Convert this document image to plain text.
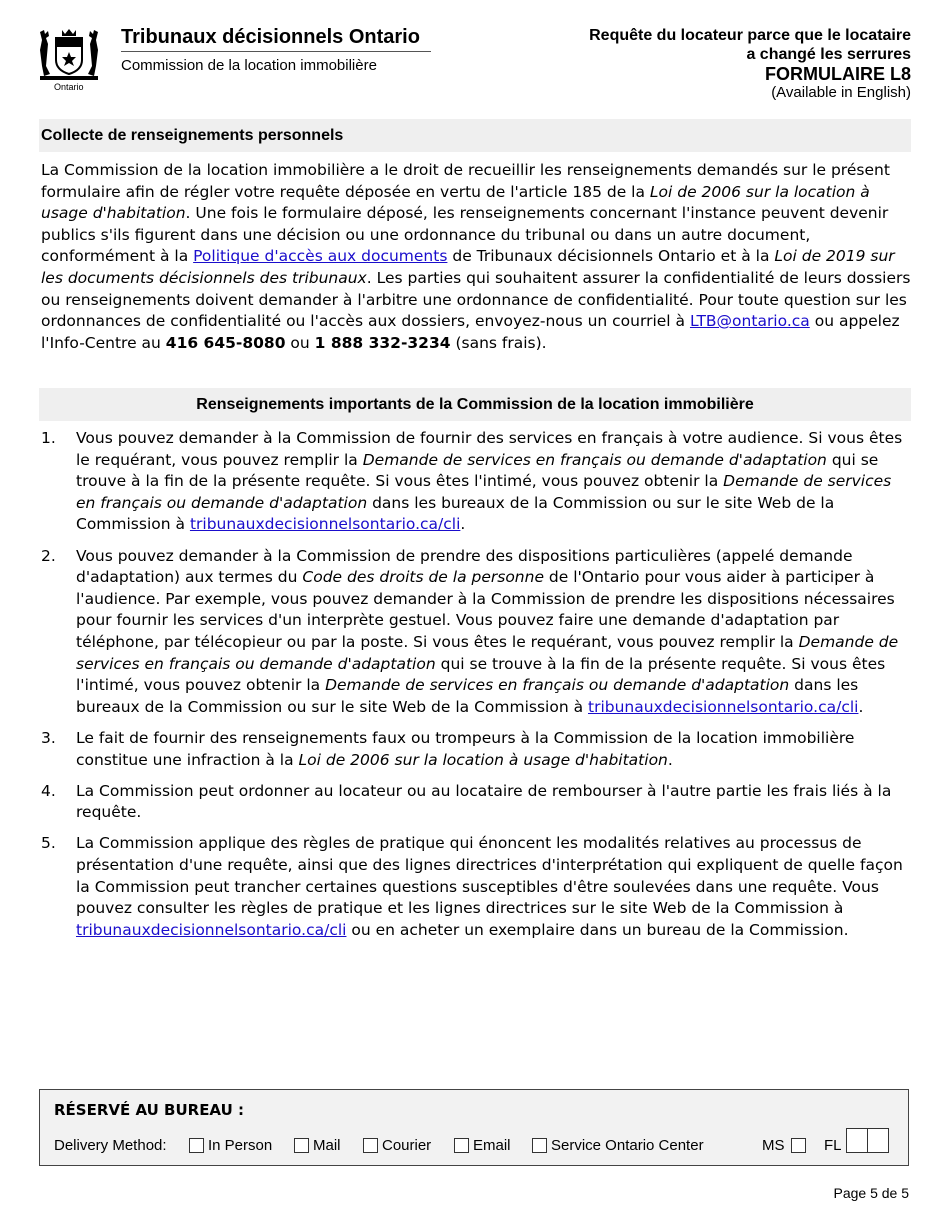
Ontario
Tribunaux décisionnels Ontario
Commission de la location immobilière
Requête du locateur parce que le locataire
a changé les serrures
FORMULAIRE L8
(Available in English)
Collecte de renseignements personnels
La Commission de la location immobilière a le droit de recueillir les renseignements demandés sur le présent formulaire afin de régler votre requête déposée en vertu de l'article 185 de la Loi de 2006 sur la location à usage d'habitation. Une fois le formulaire déposé, les renseignements concernant l'instance peuvent devenir publics s'ils figurent dans une décision ou une ordonnance du tribunal ou dans un autre document, conformément à la Politique d'accès aux documents de Tribunaux décisionnels Ontario et à la Loi de 2019 sur les documents décisionnels des tribunaux. Les parties qui souhaitent assurer la confidentialité de leurs dossiers ou renseignements doivent demander à l'arbitre une ordonnance de confidentialité. Pour toute question sur les ordonnances de confidentialité ou l'accès aux dossiers, envoyez-nous un courriel à LTB@ontario.ca ou appelez l'Info-Centre au 416 645-8080 ou 1 888 332-3234 (sans frais).
Renseignements importants de la Commission de la location immobilière
1. Vous pouvez demander à la Commission de fournir des services en français à votre audience. Si vous êtes le requérant, vous pouvez remplir la Demande de services en français ou demande d'adaptation qui se trouve à la fin de la présente requête. Si vous êtes l'intimé, vous pouvez obtenir la Demande de services en français ou demande d'adaptation dans les bureaux de la Commission ou sur le site Web de la Commission à tribunauxdecisionnelsontario.ca/cli.
2. Vous pouvez demander à la Commission de prendre des dispositions particulières (appelé demande d'adaptation) aux termes du Code des droits de la personne de l'Ontario pour vous aider à participer à l'audience. Par exemple, vous pouvez demander à la Commission de prendre les dispositions nécessaires pour fournir les services d'un interprète gestuel. Vous pouvez faire une demande d'adaptation par téléphone, par télécopieur ou par la poste. Si vous êtes le requérant, vous pouvez remplir la Demande de services en français ou demande d'adaptation qui se trouve à la fin de la présente requête. Si vous êtes l'intimé, vous pouvez obtenir la Demande de services en français ou demande d'adaptation dans les bureaux de la Commission ou sur le site Web de la Commission à tribunauxdecisionnelsontario.ca/cli.
3. Le fait de fournir des renseignements faux ou trompeurs à la Commission de la location immobilière constitue une infraction à la Loi de 2006 sur la location à usage d'habitation.
4. La Commission peut ordonner au locateur ou au locataire de rembourser à l'autre partie les frais liés à la requête.
5. La Commission applique des règles de pratique qui énoncent les modalités relatives au processus de présentation d'une requête, ainsi que des lignes directrices d'interprétation qui expliquent de quelle façon la Commission peut trancher certaines questions susceptibles d'être soulevées dans une requête. Vous pouvez consulter les règles de pratique et les lignes directrices sur le site Web de la Commission à tribunauxdecisionnelsontario.ca/cli ou en acheter un exemplaire dans un bureau de la Commission.
RÉSERVÉ AU BUREAU :
Delivery Method:	In Person	Mail	Courier	Email	Service Ontario Center	MS	FL
Page 5 de 5
